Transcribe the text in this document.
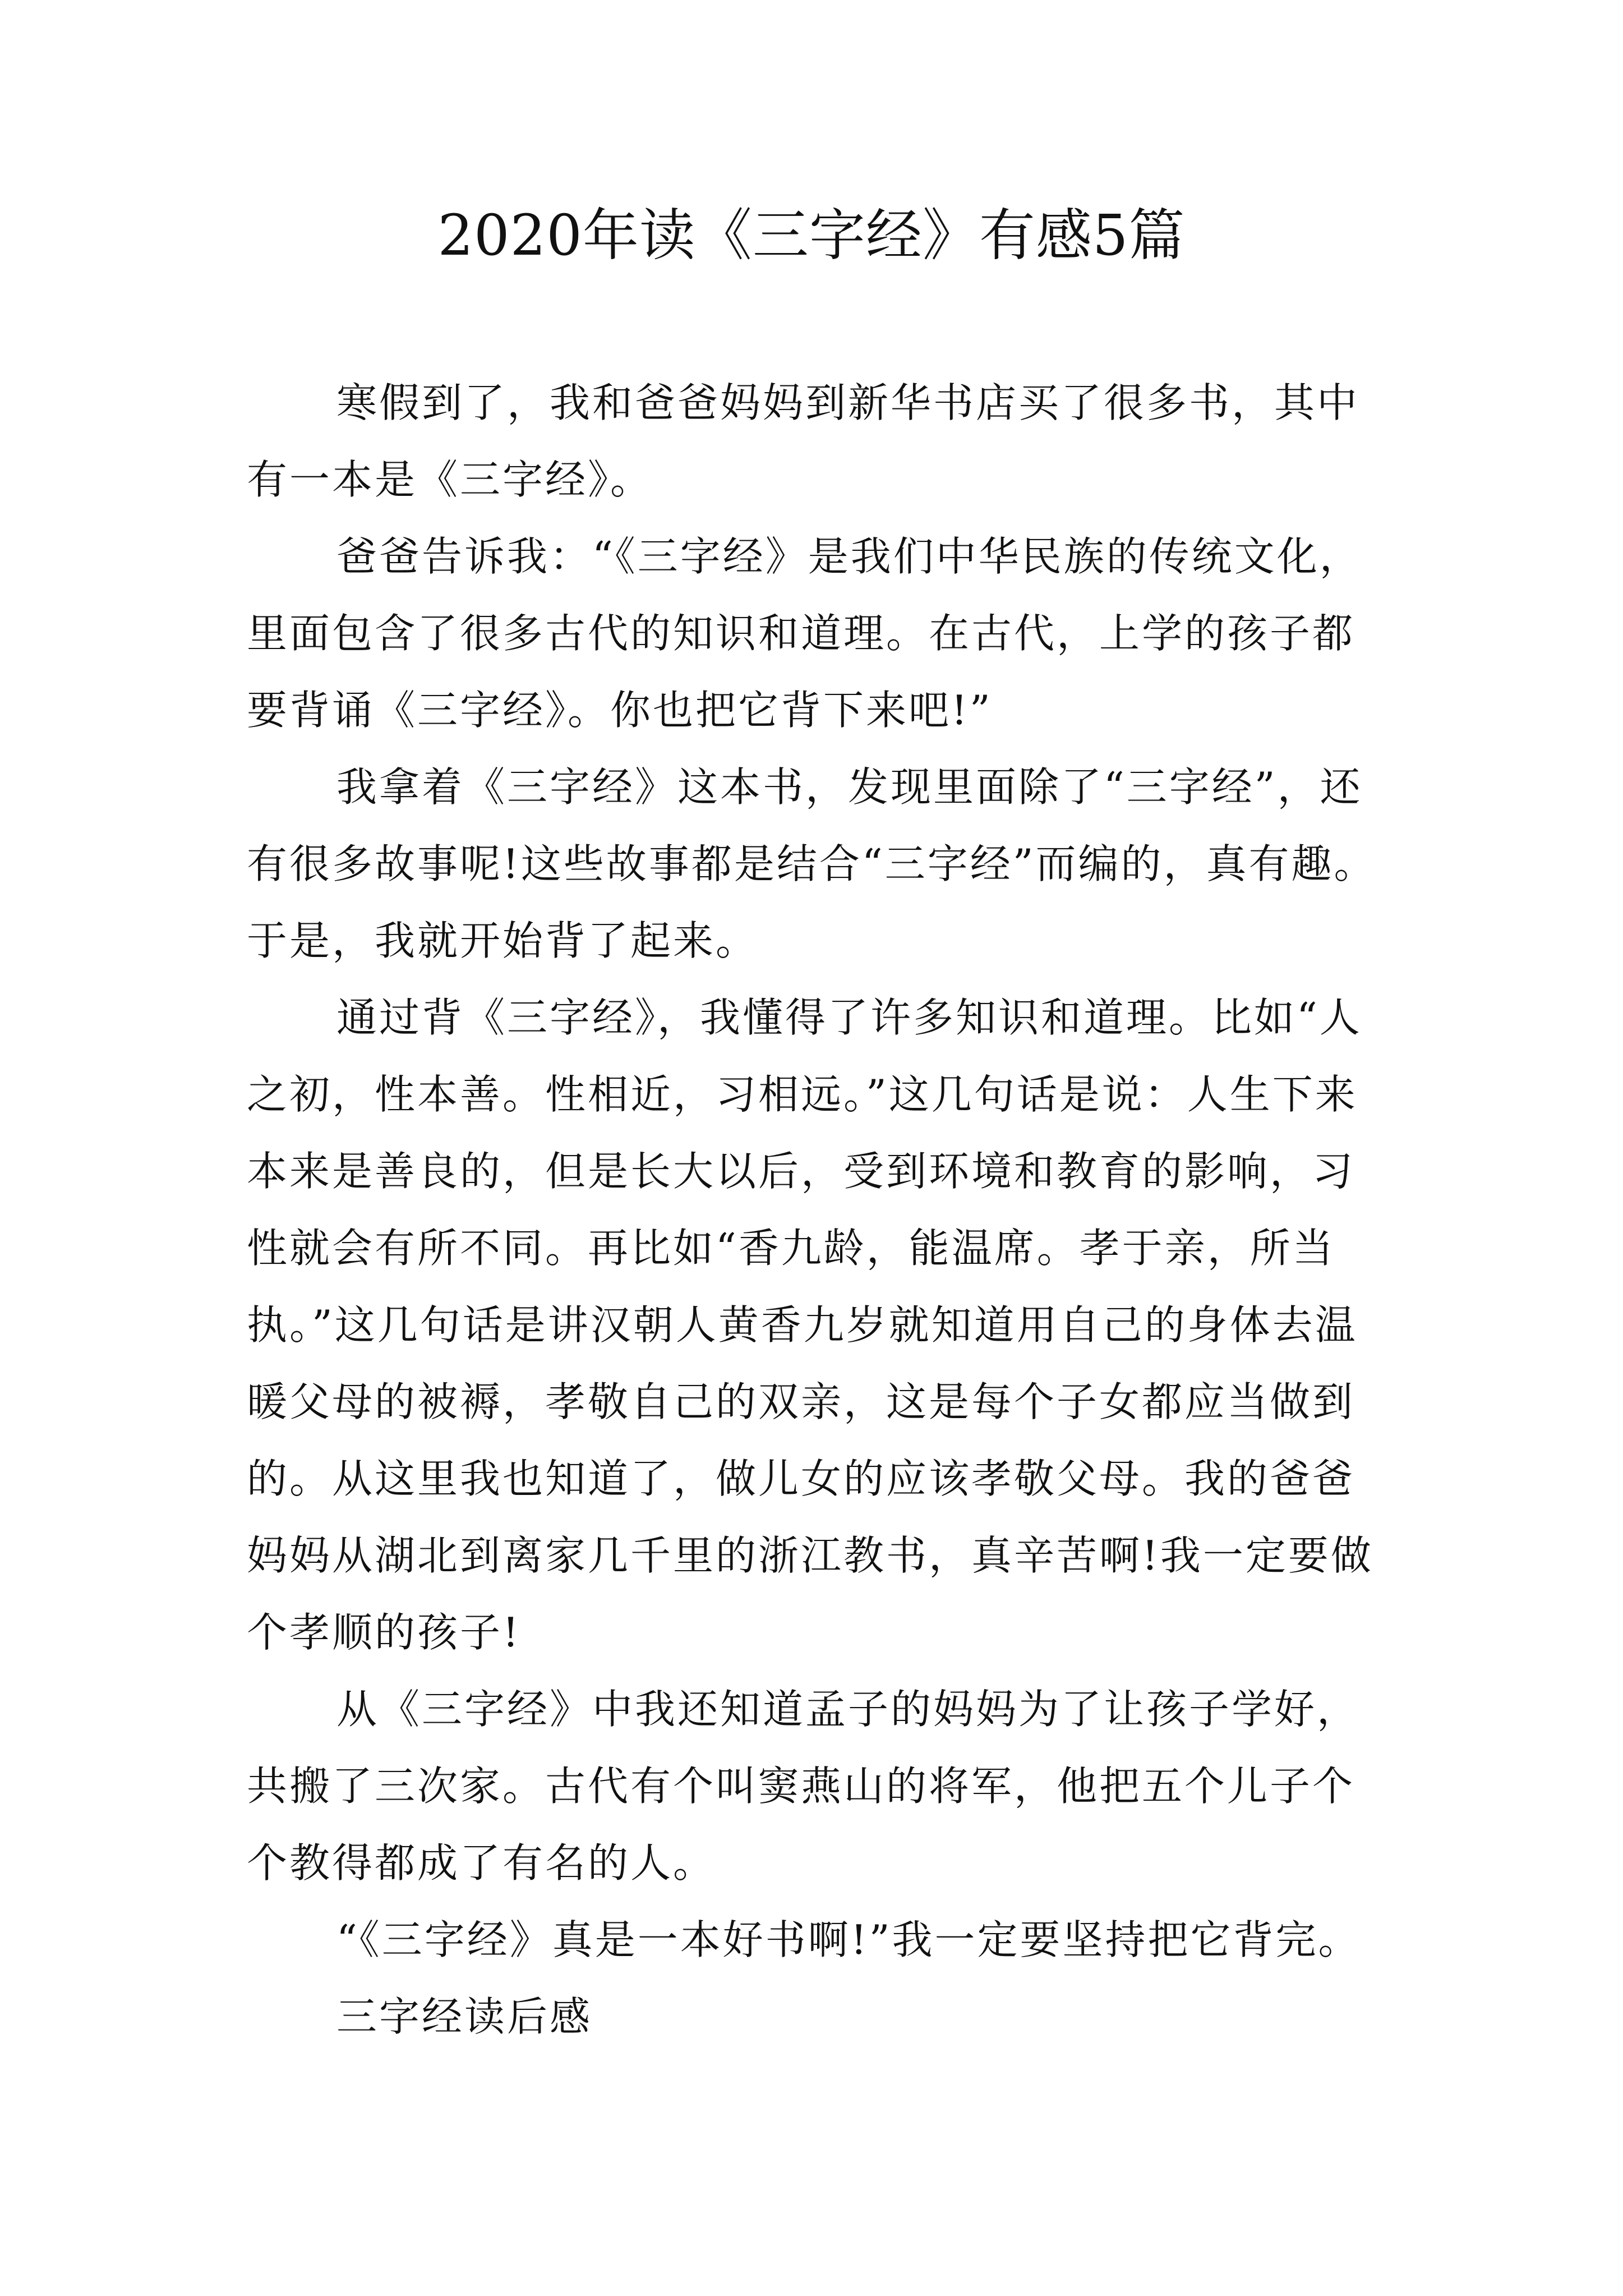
2020年读《三字经》有感5篇

寒假到了，我和爸爸妈妈到新华书店买了很多书，其中有一本是《三字经》。

爸爸告诉我：“《三字经》是我们中华民族的传统文化，里面包含了很多古代的知识和道理。在古代，上学的孩子都要背诵《三字经》。你也把它背下来吧!”

我拿着《三字经》这本书，发现里面除了“三字经”，还有很多故事呢!这些故事都是结合“三字经”而编的，真有趣。于是，我就开始背了起来。

通过背《三字经》，我懂得了许多知识和道理。比如“人之初，性本善。性相近，习相远。”这几句话是说：人生下来本来是善良的，但是长大以后，受到环境和教育的影响，习性就会有所不同。再比如“香九龄，能温席。孝于亲，所当执。”这几句话是讲汉朝人黄香九岁就知道用自己的身体去温暖父母的被褥，孝敬自己的双亲，这是每个子女都应当做到的。从这里我也知道了，做儿女的应该孝敬父母。我的爸爸妈妈从湖北到离家几千里的浙江教书，真辛苦啊!我一定要做个孝顺的孩子!

从《三字经》中我还知道孟子的妈妈为了让孩子学好，共搬了三次家。古代有个叫窦燕山的将军，他把五个儿子个个教得都成了有名的人。

“《三字经》真是一本好书啊!”我一定要坚持把它背完。

三字经读后感
